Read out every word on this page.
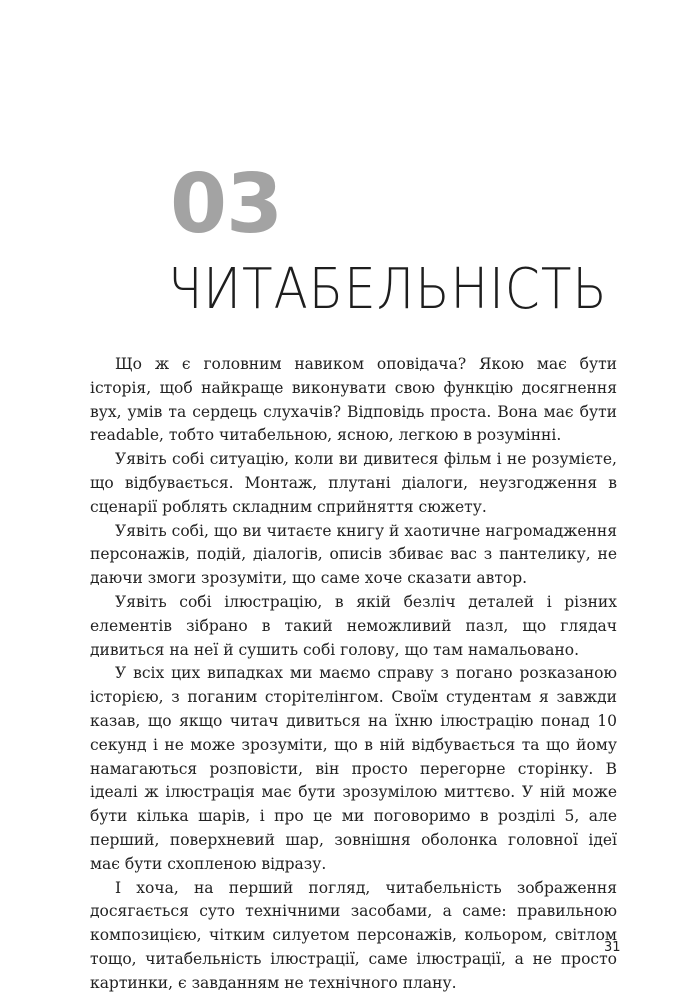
03
ЧИТАБЕЛЬНІСТЬ

Що ж є головним навиком оповідача? Якою має бути історія, щоб найкраще виконувати свою функцію досягнення вух, умів та сердець слухачів? Відповідь проста. Вона має бути readable, тобто читабельною, ясною, легкою в розумінні.

Уявіть собі ситуацію, коли ви дивитеся фільм і не розумієте, що відбувається. Монтаж, плутані діалоги, неузгодження в сценарії роблять складним сприйняття сюжету.

Уявіть собі, що ви читаєте книгу й хаотичне нагромадження персонажів, подій, діалогів, описів збиває вас з пантелику, не даючи змоги зрозуміти, що саме хоче сказати автор.

Уявіть собі ілюстрацію, в якій безліч деталей і різних елементів зібрано в такий неможливий пазл, що глядач дивиться на неї й сушить собі голову, що там намальовано.

У всіх цих випадках ми маємо справу з погано розказаною історією, з поганим сторітелінгом. Своїм студентам я завжди казав, що якщо читач дивиться на їхню ілюстрацію понад 10 секунд і не може зрозуміти, що в ній відбувається та що йому намагаються розповісти, він просто перегорне сторінку. В ідеалі ж ілюстрація має бути зрозумілою миттєво. У ній може бути кілька шарів, і про це ми поговоримо в розділі 5, але перший, поверхневий шар, зовнішня оболонка головної ідеї має бути схопленою відразу.

І хоча, на перший погляд, читабельність зображення досягається суто технічними засобами, а саме: правильною композицією, чітким силуетом персонажів, кольором, світлом тощо, читабельність ілюстрації, саме ілюстрації, а не просто картинки, є завданням не технічного плану.

31
